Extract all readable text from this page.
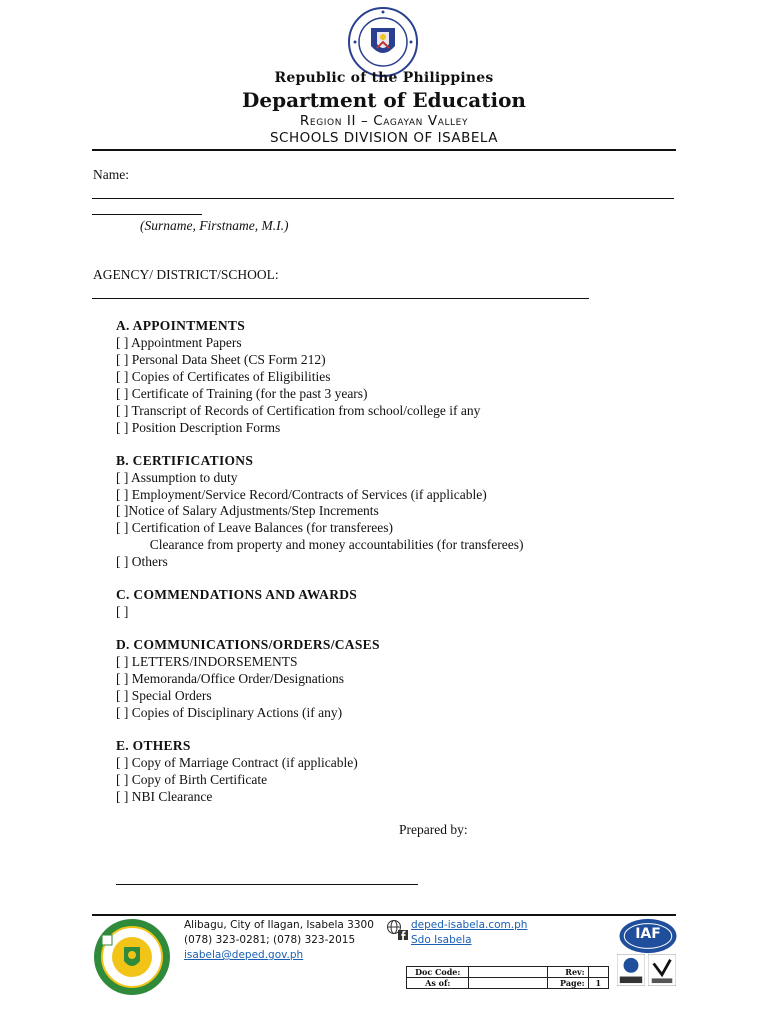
Republic of the Philippines
Department of Education
Region II – Cagayan Valley
SCHOOLS DIVISION OF ISABELA
Name:
(Surname, Firstname, M.I.)
AGENCY/ DISTRICT/SCHOOL:
A. APPOINTMENTS
[ ] Appointment Papers
[ ] Personal Data Sheet (CS Form 212)
[ ] Copies of Certificates of Eligibilities
[ ] Certificate of Training (for the past 3 years)
[ ] Transcript of Records of Certification from school/college if any
[ ] Position Description Forms
B. CERTIFICATIONS
[ ] Assumption to duty
[ ] Employment/Service Record/Contracts of Services (if applicable)
[ ]Notice of Salary Adjustments/Step Increments
[ ] Certification of Leave Balances (for transferees)
Clearance from property and money accountabilities (for transferees)
[ ] Others
C. COMMENDATIONS AND AWARDS
[ ]
D. COMMUNICATIONS/ORDERS/CASES
[ ] LETTERS/INDORSEMENTS
[ ] Memoranda/Office Order/Designations
[ ] Special Orders
[ ] Copies of Disciplinary Actions (if any)
E. OTHERS
[ ] Copy of Marriage Contract (if applicable)
[ ] Copy of Birth Certificate
[ ] NBI Clearance
Prepared by:
Alibagu, City of Ilagan, Isabela 3300
(078) 323-0281; (078) 323-2015
isabela@deped.gov.ph
deped-isabela.com.ph
Sdo Isabela	IAF
Doc Code:		Rev:	
As of:		Page:	1
